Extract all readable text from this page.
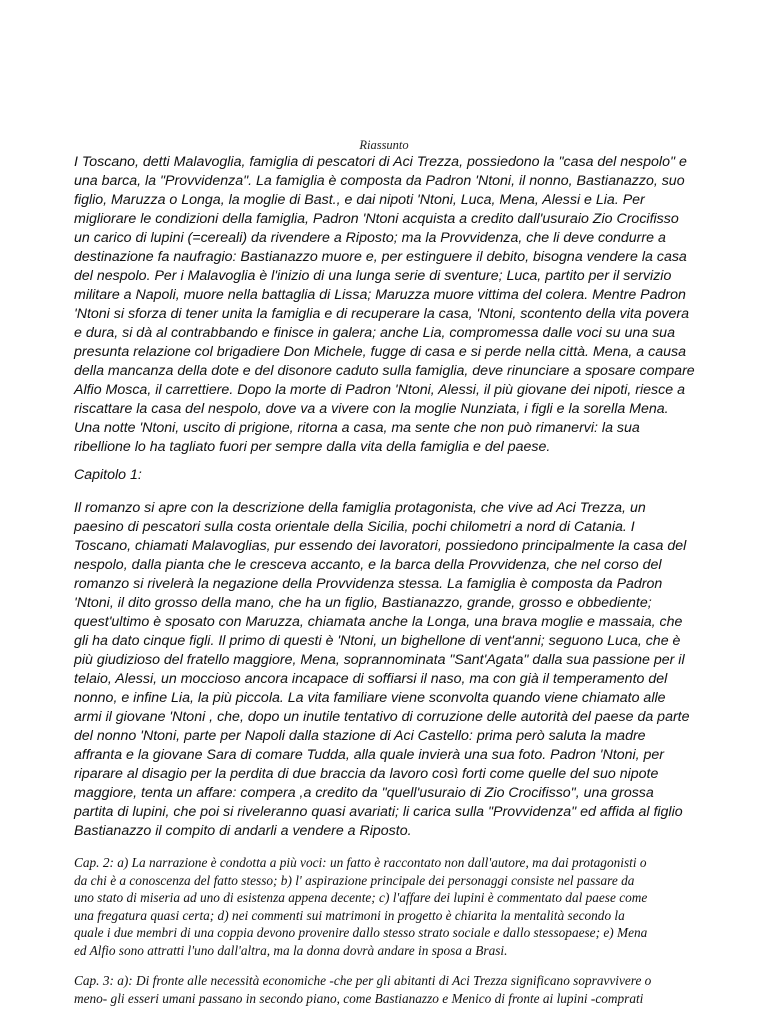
Riassunto
I Toscano, detti Malavoglia, famiglia di pescatori di Aci Trezza, possiedono la "casa del nespolo" e
una barca, la "Provvidenza". La famiglia è composta da Padron 'Ntoni, il nonno, Bastianazzo, suo
figlio, Maruzza o Longa, la moglie di Bast., e dai nipoti 'Ntoni, Luca, Mena, Alessi e Lia. Per
migliorare le condizioni della famiglia, Padron 'Ntoni acquista a credito dall'usuraio Zio Crocifisso
un carico di lupini (=cereali) da rivendere a Riposto; ma la Provvidenza, che li deve condurre a
destinazione fa naufragio: Bastianazzo muore e, per estinguere il debito, bisogna vendere la casa
del nespolo. Per i Malavoglia è l'inizio di una lunga serie di sventure; Luca, partito per il servizio
militare a Napoli, muore nella battaglia di Lissa; Maruzza muore vittima del colera. Mentre Padron
'Ntoni si sforza di tener unita la famiglia e di recuperare la casa, 'Ntoni, scontento della vita povera
e dura, si dà al contrabbando e finisce in galera; anche Lia, compromessa dalle voci su una sua
presunta relazione col brigadiere Don Michele, fugge di casa e si perde nella città. Mena, a causa
della mancanza della dote e del disonore caduto sulla famiglia, deve rinunciare a sposare compare
Alfio Mosca, il carrettiere. Dopo la morte di Padron 'Ntoni, Alessi, il più giovane dei nipoti, riesce a
riscattare la casa del nespolo, dove va a vivere con la moglie Nunziata, i figli e la sorella Mena.
Una notte 'Ntoni, uscito di prigione, ritorna a casa, ma sente che non può rimanervi: la sua
ribellione lo ha tagliato fuori per sempre dalla vita della famiglia e del paese.
Capitolo 1:
Il romanzo si apre con la descrizione della famiglia protagonista, che vive ad Aci Trezza, un
paesino di pescatori sulla costa orientale della Sicilia, pochi chilometri a nord di Catania. I
Toscano, chiamati Malavoglias, pur essendo dei lavoratori, possiedono principalmente la casa del
nespolo, dalla pianta che le cresceva accanto, e la barca della Provvidenza, che nel corso del
romanzo si rivelerà la negazione della Provvidenza stessa. La famiglia è composta da Padron
'Ntoni, il dito grosso della mano, che ha un figlio, Bastianazzo, grande, grosso e obbediente;
quest'ultimo è sposato con Maruzza, chiamata anche la Longa, una brava moglie e massaia, che
gli ha dato cinque figli. Il primo di questi è 'Ntoni, un bighellone di vent'anni; seguono Luca, che è
più giudizioso del fratello maggiore, Mena, soprannominata "Sant'Agata" dalla sua passione per il
telaio, Alessi, un moccioso ancora incapace di soffiarsi il naso, ma con già il temperamento del
nonno, e infine Lia, la più piccola. La vita familiare viene sconvolta quando viene chiamato alle
armi il giovane 'Ntoni , che, dopo un inutile tentativo di corruzione delle autorità del paese da parte
del nonno 'Ntoni, parte per Napoli dalla stazione di Aci Castello: prima però saluta la madre
affranta e la giovane Sara di comare Tudda, alla quale invierà una sua foto. Padron 'Ntoni, per
riparare al disagio per la perdita di due braccia da lavoro così forti come quelle del suo nipote
maggiore, tenta un affare: compera ,a credito da "quell'usuraio di Zio Crocifisso", una grossa
partita di lupini, che poi si riveleranno quasi avariati; li carica sulla "Provvidenza" ed affida al figlio
Bastianazzo il compito di andarli a vendere a Riposto.
Cap. 2: a) La narrazione è condotta a più voci: un fatto è raccontato non dall'autore, ma dai protagonisti o
da chi è a conoscenza del fatto stesso; b) l' aspirazione principale dei personaggi consiste nel passare da
uno stato di miseria ad uno di esistenza appena decente; c) l'affare dei lupini è commentato dal paese come
una fregatura quasi certa; d) nei commenti sui matrimoni in progetto è chiarita la mentalità secondo la
quale i due membri di una coppia devono provenire dallo stesso strato sociale e dallo stessopaese; e) Mena
ed Alfio sono attratti l'uno dall'altra, ma la donna dovrà andare in sposa a Brasi.
Cap. 3: a): Di fronte alle necessità economiche -che per gli abitanti di Aci Trezza significano sopravvivere o
meno- gli esseri umani passano in secondo piano, come Bastianazzo e Menico di fronte ai lupini -comprati
